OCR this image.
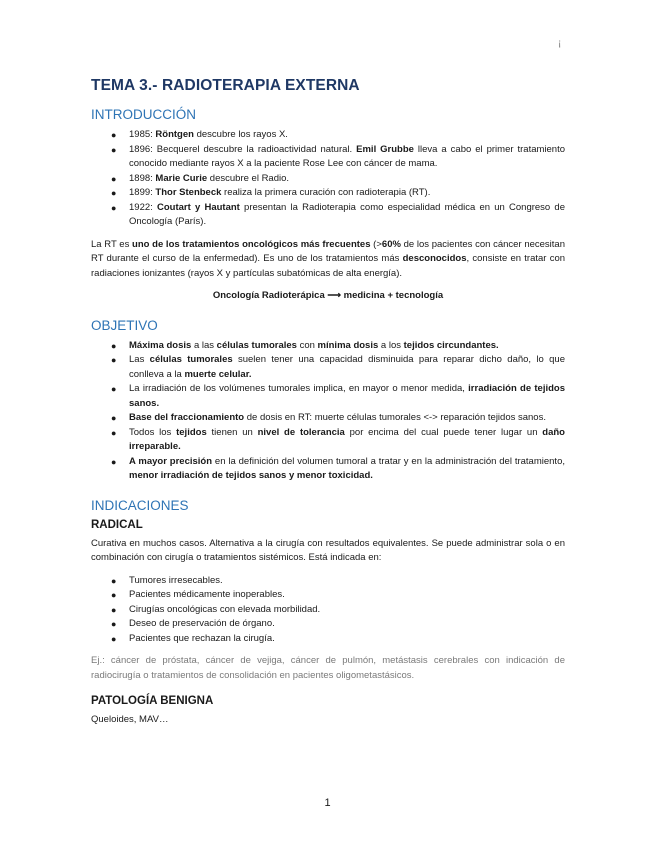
¡
TEMA 3.- RADIOTERAPIA EXTERNA
INTRODUCCIÓN
● 1985: Röntgen descubre los rayos X.
● 1896: Becquerel descubre la radioactividad natural. Emil Grubbe lleva a cabo el primer tratamiento conocido mediante rayos X a la paciente Rose Lee con cáncer de mama.
● 1898: Marie Curie descubre el Radio.
● 1899: Thor Stenbeck realiza la primera curación con radioterapia (RT).
● 1922: Coutart y Hautant presentan la Radioterapia como especialidad médica en un Congreso de Oncología (París).

La RT es uno de los tratamientos oncológicos más frecuentes (>60% de los pacientes con cáncer necesitan RT durante el curso de la enfermedad). Es uno de los tratamientos más desconocidos, consiste en tratar con radiaciones ionizantes (rayos X y partículas subatómicas de alta energía).

Oncología Radioterápica ⟶ medicina + tecnología

OBJETIVO
● Máxima dosis a las células tumorales con mínima dosis a los tejidos circundantes.
● Las células tumorales suelen tener una capacidad disminuida para reparar dicho daño, lo que conlleva a la muerte celular.
● La irradiación de los volúmenes tumorales implica, en mayor o menor medida, irradiación de tejidos sanos.
● Base del fraccionamiento de dosis en RT: muerte células tumorales <-> reparación tejidos sanos.
● Todos los tejidos tienen un nivel de tolerancia por encima del cual puede tener lugar un daño irreparable.
● A mayor precisión en la definición del volumen tumoral a tratar y en la administración del tratamiento, menor irradiación de tejidos sanos y menor toxicidad.
INDICACIONES
RADICAL

Curativa en muchos casos. Alternativa a la cirugía con resultados equivalentes. Se puede administrar sola o en combinación con cirugía o tratamientos sistémicos. Está indicada en:

● Tumores irresecables.
● Pacientes médicamente inoperables.
● Cirugías oncológicas con elevada morbilidad.
● Deseo de preservación de órgano.
● Pacientes que rechazan la cirugía.

Ej.: cáncer de próstata, cáncer de vejiga, cáncer de pulmón, metástasis cerebrales con indicación de radiocirugía o tratamientos de consolidación en pacientes oligometastásicos.

PATOLOGÍA BENIGNA

Queloides, MAV…

1
